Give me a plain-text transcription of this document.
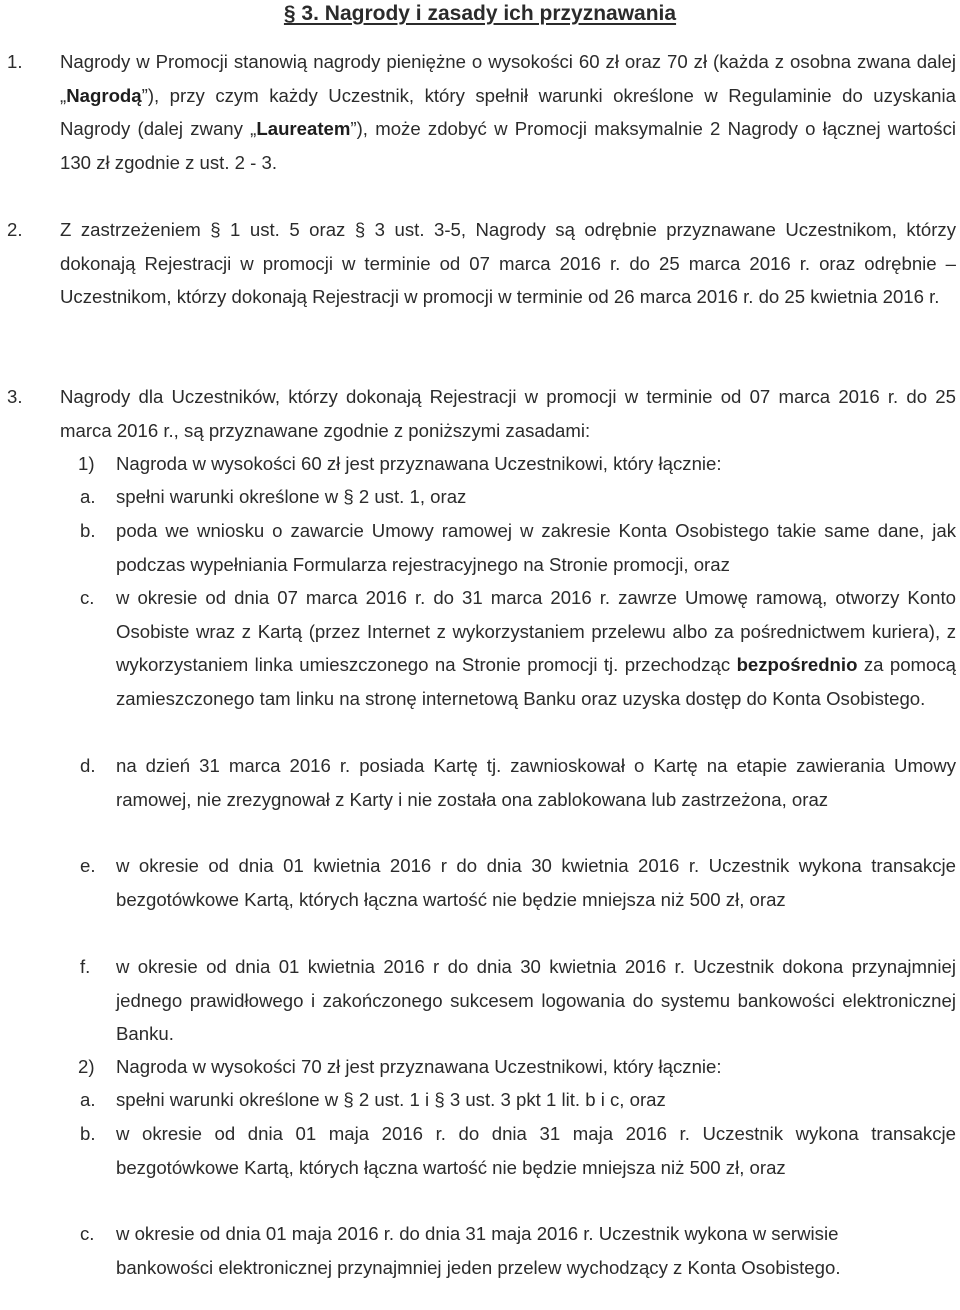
§ 3. Nagrody i zasady ich przyznawania
1. Nagrody w Promocji stanowią nagrody pieniężne o wysokości 60 zł oraz 70 zł (każda z osobna zwana dalej „Nagrodą”), przy czym każdy Uczestnik, który spełnił warunki określone w Regulaminie do uzyskania Nagrody (dalej zwany „Laureatem”), może zdobyć w Promocji maksymalnie 2 Nagrody o łącznej wartości 130 zł zgodnie z ust. 2 - 3.

2. Z zastrzeżeniem § 1 ust. 5 oraz § 3 ust. 3-5, Nagrody są odrębnie przyznawane Uczestnikom, którzy dokonają Rejestracji w promocji w terminie od 07 marca 2016 r. do 25 marca 2016 r. oraz odrębnie – Uczestnikom, którzy dokonają Rejestracji w promocji w terminie od 26 marca 2016 r. do 25 kwietnia 2016 r.

3. Nagrody dla Uczestników, którzy dokonają Rejestracji w promocji w terminie od 07 marca 2016 r. do 25 marca 2016 r., są przyznawane zgodnie z poniższymi zasadami:

1) Nagroda w wysokości 60 zł jest przyznawana Uczestnikowi, który łącznie:

a. spełni warunki określone w § 2 ust. 1, oraz

b. poda we wniosku o zawarcie Umowy ramowej w zakresie Konta Osobistego takie same dane, jak podczas wypełniania Formularza rejestracyjnego na Stronie promocji, oraz

c. w okresie od dnia 07 marca 2016 r. do 31 marca 2016 r. zawrze Umowę ramową, otworzy Konto Osobiste wraz z Kartą (przez Internet z wykorzystaniem przelewu albo za pośrednictwem kuriera), z wykorzystaniem linka umieszczonego na Stronie promocji tj. przechodząc bezpośrednio za pomocą zamieszczonego tam linku na stronę internetową Banku oraz uzyska dostęp do Konta Osobistego.

d. na dzień 31 marca 2016 r. posiada Kartę tj. zawnioskował o Kartę na etapie zawierania Umowy ramowej, nie zrezygnował z Karty i nie została ona zablokowana lub zastrzeżona, oraz

e. w okresie od dnia 01 kwietnia 2016 r do dnia 30 kwietnia 2016 r. Uczestnik wykona transakcje bezgotówkowe Kartą, których łączna wartość nie będzie mniejsza niż 500 zł, oraz

f. w okresie od dnia 01 kwietnia 2016 r do dnia 30 kwietnia 2016 r. Uczestnik dokona przynajmniej jednego prawidłowego i zakończonego sukcesem logowania do systemu bankowości elektronicznej Banku.

2) Nagroda w wysokości 70 zł jest przyznawana Uczestnikowi, który łącznie:

a. spełni warunki określone w § 2 ust. 1 i § 3 ust. 3 pkt 1 lit. b i c, oraz

b. w okresie od dnia 01 maja 2016 r. do dnia 31 maja 2016 r. Uczestnik wykona transakcje bezgotówkowe Kartą, których łączna wartość nie będzie mniejsza niż 500 zł, oraz

c. w okresie od dnia 01 maja 2016 r. do dnia 31 maja 2016 r. Uczestnik wykona w serwisie bankowości elektronicznej przynajmniej jeden przelew wychodzący z Konta Osobistego.
